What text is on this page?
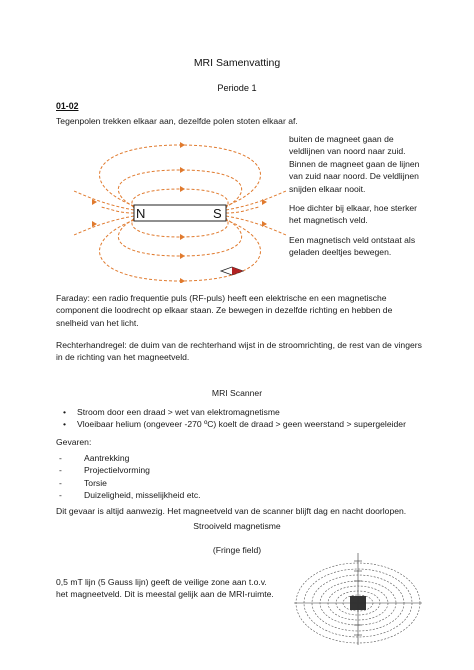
MRI Samenvatting
Periode 1
01-02
Tegenpolen trekken elkaar aan, dezelfde polen stoten elkaar af.
N	S

buiten de magneet gaan de veldlijnen van noord naar zuid. Binnen de magneet gaan de lijnen van zuid naar noord. De veldlijnen snijden elkaar nooit.

Hoe dichter bij elkaar, hoe sterker het magnetisch veld.

Een magnetisch veld ontstaat als geladen deeltjes bewegen.

Faraday: een radio frequentie puls (RF-puls) heeft een elektrische en een magnetische component die loodrecht op elkaar staan. Ze bewegen in dezelfde richting en hebben de snelheid van het licht.
Rechterhandregel: de duim van de rechterhand wijst in de stroomrichting, de rest van de vingers in de richting van het magneetveld.
MRI Scanner
• Stroom door een draad > wet van elektromagnetisme
• Vloeibaar helium (ongeveer -270 ºC) koelt de draad > geen weerstand > supergeleider
Gevaren:
- Aantrekking
- Projectielvorming
- Torsie
- Duizeligheid, misselijkheid etc.
Dit gevaar is altijd aanwezig. Het magneetveld van de scanner blijft dag en nacht doorlopen.
Strooiveld magnetisme
(Fringe field)
0,5 mT lijn (5 Gauss lijn) geeft de veilige zone aan t.o.v. het magneetveld. Dit is meestal gelijk aan de MRI-ruimte.
